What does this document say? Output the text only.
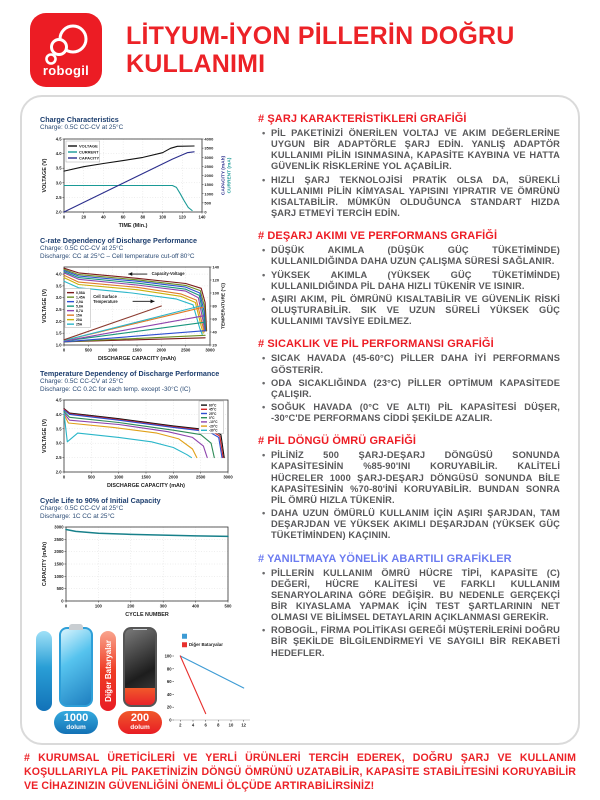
robogil
LİTYUM-İYON PİLLERİN DOĞRU
KULLANIMI
Charge Characteristics
Charge: 0.5C CC-CV at 25°C
0	20	40	60	80	100	120	140
2.0
2.5
3.0
3.5
4.0
4.5
0
500
1000
1500
2000
2500
3000
3500
4000
TIME (Min.)
VOLTAGE (V)	CAPACITY (mAh) CURRENT (mA)
VOLTAGE
CURRENT
CAPACITY
C-rate Dependency of Discharge Performance
Charge: 0.5C CC-CV at 25°C
Discharge: CC at 25°C – Cell temperature cut-off 80°C
0	500	1000	1500	2000	2500	3000
1.0
1.5
2.0
2.5
3.0
3.5
4.0
20
40
60
80
100
120
140
DISCHARGE CAPACITY (mAh)
VOLTAGE (V)	TEMPERATURE (°C)
0,58A
1,45A
2,9A
5,8A
8,7A
15A
20A
25A
Capacity-Voltage
Cell Surface
Temperature
Temperature Dependency of Discharge Performance
Charge: 0.5C CC-CV at 25°C
Discharge: CC 0.2C for each temp. except -30°C (IC)
0	500	1000	1500	2000	2500	3000
2.0
2.5
3.0
3.5
4.0
4.5
DISCHARGE CAPACITY (mAh)
VOLTAGE (V)
60°C
45°C
25°C
0°C
-10°C
-20°C
-30°C
Cycle Life to 90% of Initial Capacity
Charge: 0.5C CC-CV at 25°C
Discharge: 1C CC at 25°C
0	100	200	300	400	500
0
500
1000
1500
2000
2500
3000
CYCLE NUMBER
CAPACITY (mAh)
1000
dolum
Diğer Bataryalar
200
dolum	2 4 6 8 10 12
0
20
40
60
80
100
Diğer Bataryalar
# ŞARJ KARAKTERİSTİKLERİ GRAFİĞİ
• PİL PAKETİNİZİ ÖNERİLEN VOLTAJ VE AKIM DEĞERLERİNE UYGUN BİR ADAPTÖRLE ŞARJ EDİN. YANLIŞ ADAPTÖR KULLANIMI PİLİN ISINMASINA, KAPASİTE KAYBINA VE HATTA GÜVENLİK RİSKLERİNE YOL AÇABİLİR.
• HIZLI ŞARJ TEKNOLOJİSİ PRATİK OLSA DA, SÜREKLİ KULLANIMI PİLİN KİMYASAL YAPISINI YIPRATIR VE ÖMRÜNÜ KISALTABİLİR. MÜMKÜN OLDUĞUNCA STANDART HIZDA ŞARJ ETMEYİ TERCİH EDİN.
# DEŞARJ AKIMI VE PERFORMANS GRAFİĞİ
• DÜŞÜK AKIMLA (DÜŞÜK GÜÇ TÜKETİMİNDE) KULLANILDIĞINDA DAHA UZUN ÇALIŞMA SÜRESİ SAĞLANIR.
• YÜKSEK AKIMLA (YÜKSEK GÜÇ TÜKETİMİNDE) KULLANILDIĞINDA PİL DAHA HIZLI TÜKENİR VE ISINIR.
• AŞIRI AKIM, PİL ÖMRÜNÜ KISALTABİLİR VE GÜVENLİK RİSKİ OLUŞTURABİLİR. SIK VE UZUN SÜRELİ YÜKSEK GÜÇ KULLANIMI TAVSİYE EDİLMEZ.
# SICAKLIK VE PİL PERFORMANSI GRAFİĞİ
• SICAK HAVADA (45-60°C) PİLLER DAHA İYİ PERFORMANS GÖSTERİR.
• ODA SICAKLIĞINDA (23°C) PİLLER OPTİMUM KAPASİTEDE ÇALIŞIR.
• SOĞUK HAVADA (0°C VE ALTI) PİL KAPASİTESİ DÜŞER, -30°C'DE PERFORMANS CİDDİ ŞEKİLDE AZALIR.
# PİL DÖNGÜ ÖMRÜ GRAFİĞİ
• PİLİNİZ 500 ŞARJ-DEŞARJ DÖNGÜSÜ SONUNDA KAPASİTESİNİN %85-90'INI KORUYABİLİR. KALİTELİ HÜCRELER 1000 ŞARJ-DEŞARJ DÖNGÜSÜ SONUNDA BİLE KAPASİTESİNİN %70-80'İNİ KORUYABİLİR. BUNDAN SONRA PİL ÖMRÜ HIZLA TÜKENİR.
• DAHA UZUN ÖMÜRLÜ KULLANIM İÇİN AŞIRI ŞARJDAN, TAM DEŞARJDAN VE YÜKSEK AKIMLI DEŞARJDAN (YÜKSEK GÜÇ TÜKETİMİNDEN) KAÇININ.
# YANILTMAYA YÖNELİK ABARTILI GRAFİKLER
• PİLLERİN KULLANIM ÖMRÜ HÜCRE TİPİ, KAPASİTE (C) DEĞERİ, HÜCRE KALİTESİ VE FARKLI KULLANIM SENARYOLARINA GÖRE DEĞİŞİR. BU NEDENLE GERÇEKÇİ BİR KIYASLAMA YAPMAK İÇİN TEST ŞARTLARININ NET OLMASI VE BİLİMSEL DETAYLARIN AÇIKLANMASI GEREKİR.
• ROBOGİL, FİRMA POLİTİKASI GEREĞİ MÜŞTERİLERİNİ DOĞRU BİR ŞEKİLDE BİLGİLENDİRMEYİ VE SAYGILI BİR REKABETİ HEDEFLER.
# KURUMSAL ÜRETİCİLERİ VE YERLİ ÜRÜNLERİ TERCİH EDEREK, DOĞRU ŞARJ VE KULLANIM KOŞULLARIYLA PİL PAKETİNİZİN DÖNGÜ ÖMRÜNÜ UZATABİLİR, KAPASİTE STABİLİTESİNİ KORUYABİLİR VE CİHAZINIZIN GÜVENLİĞİNİ ÖNEMLİ ÖLÇÜDE ARTIRABİLİRSİNİZ!
